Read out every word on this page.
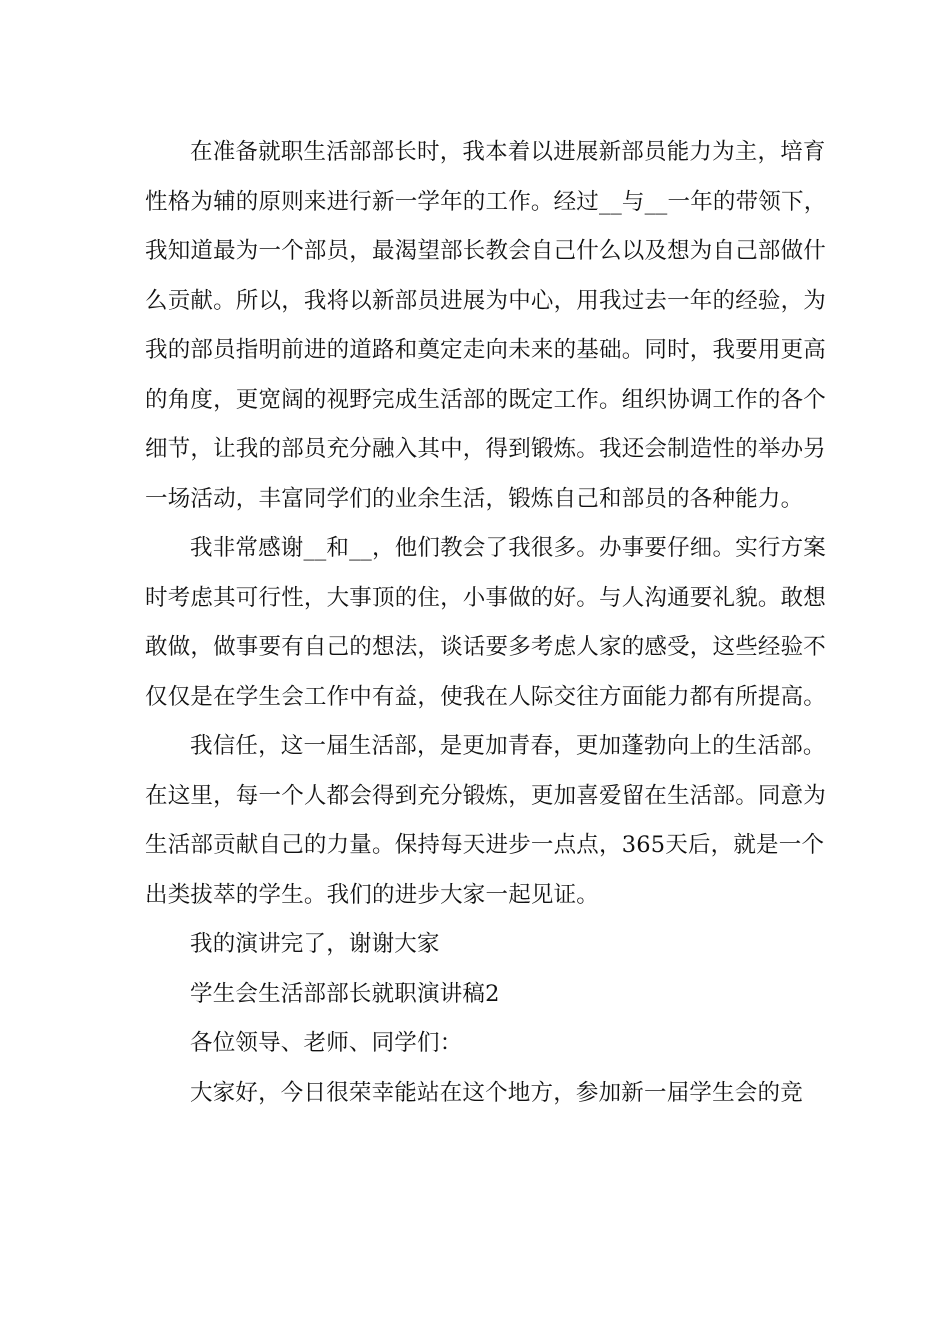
在准备就职生活部部长时，我本着以进展新部员能力为主，培育性格为辅的原则来进行新一学年的工作。经过__与__一年的带领下，我知道最为一个部员，最渴望部长教会自己什么以及想为自己部做什么贡献。所以，我将以新部员进展为中心，用我过去一年的经验，为我的部员指明前进的道路和奠定走向未来的基础。同时，我要用更高的角度，更宽阔的视野完成生活部的既定工作。组织协调工作的各个细节，让我的部员充分融入其中，得到锻炼。我还会制造性的举办另一场活动，丰富同学们的业余生活，锻炼自己和部员的各种能力。

我非常感谢__和__，他们教会了我很多。办事要仔细。实行方案时考虑其可行性，大事顶的住，小事做的好。与人沟通要礼貌。敢想敢做，做事要有自己的想法，谈话要多考虑人家的感受，这些经验不仅仅是在学生会工作中有益，使我在人际交往方面能力都有所提高。

我信任，这一届生活部，是更加青春，更加蓬勃向上的生活部。在这里，每一个人都会得到充分锻炼，更加喜爱留在生活部。同意为生活部贡献自己的力量。保持每天进步一点点，365天后，就是一个出类拔萃的学生。我们的进步大家一起见证。

我的演讲完了，谢谢大家

学生会生活部部长就职演讲稿2

各位领导、老师、同学们：

大家好，今日很荣幸能站在这个地方，参加新一届学生会的竞
